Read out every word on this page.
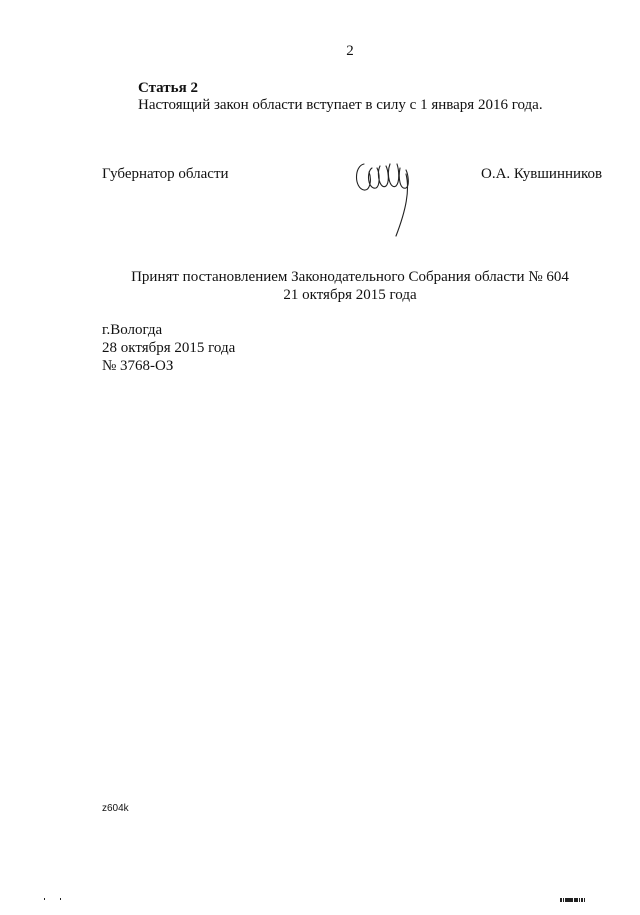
2
Статья 2
Настоящий закон области вступает в силу с 1 января 2016 года.
Губернатор области	О.А. Кувшинников
Принят постановлением Законодательного Собрания области № 604
21 октября 2015 года
г.Вологда
28 октября 2015 года
№ 3768-ОЗ
z604k
